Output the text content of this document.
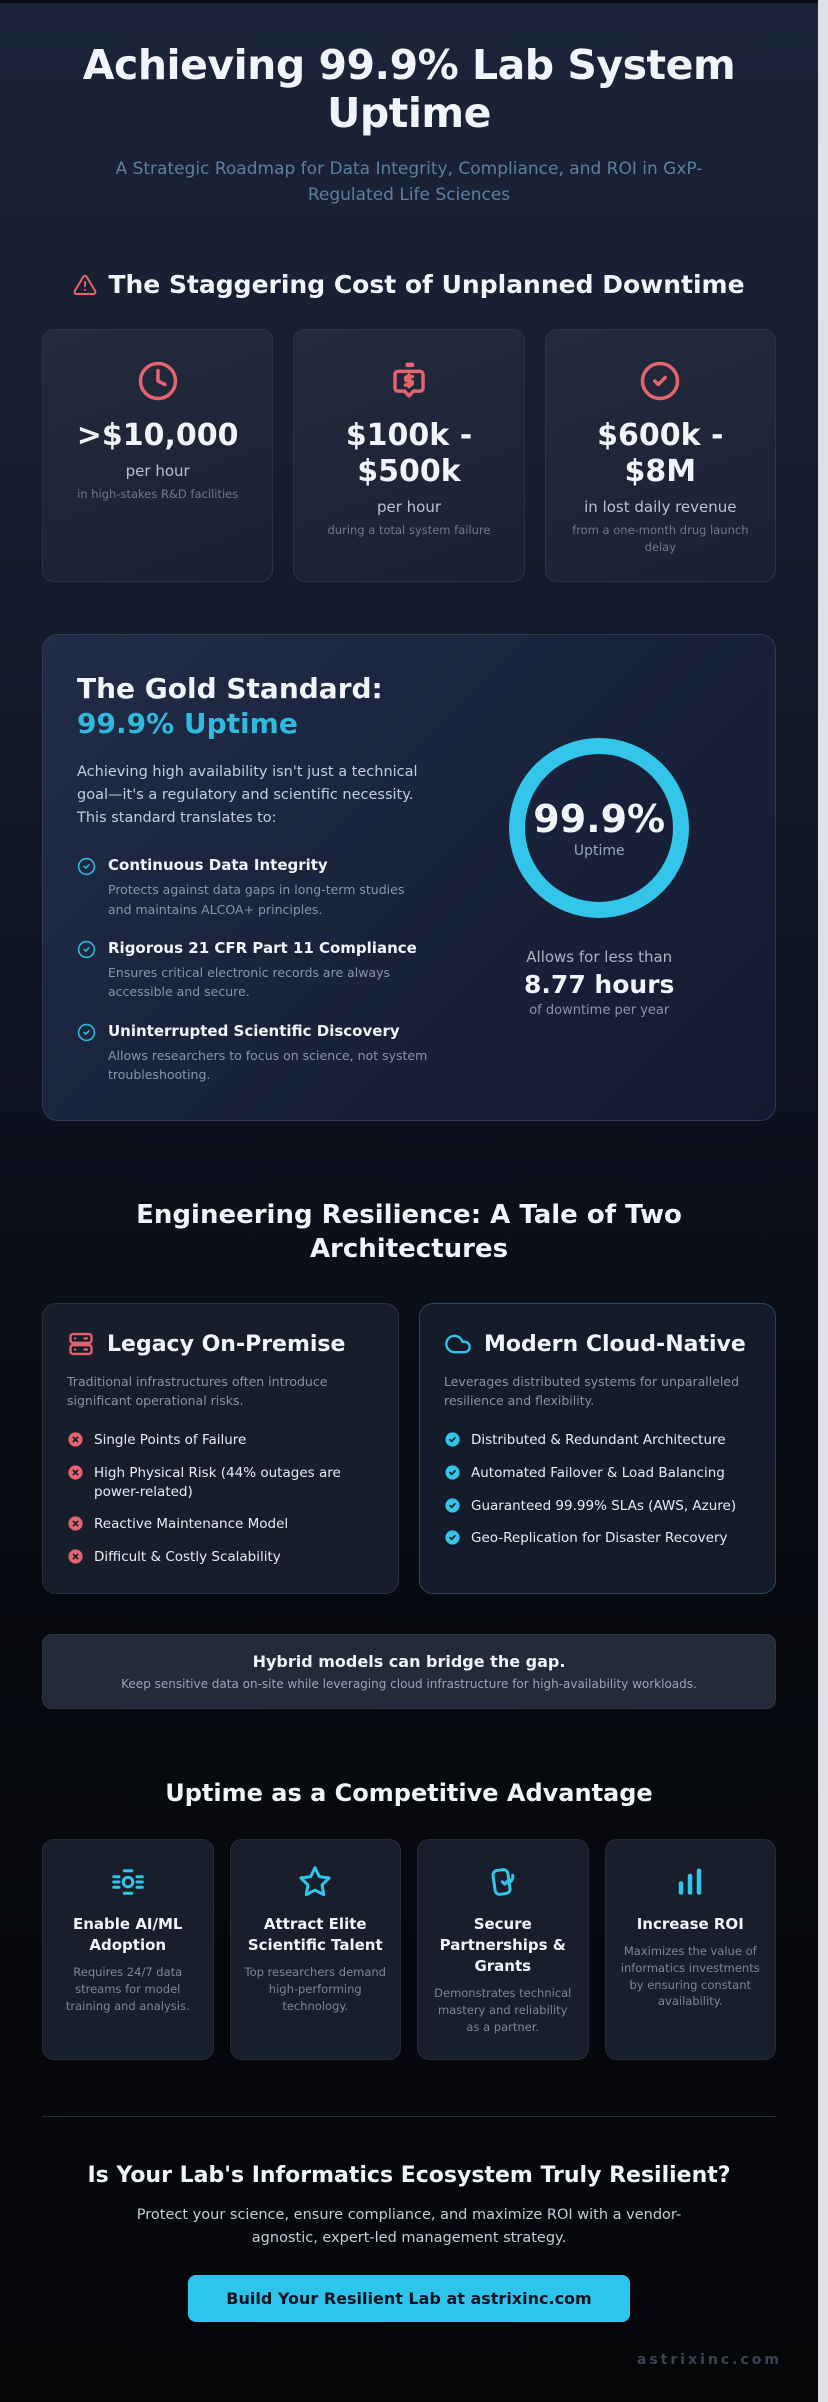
Achieving 99.9% Lab System Uptime

A Strategic Roadmap for Data Integrity, Compliance, and ROI in GxP-Regulated Life Sciences

The Staggering Cost of Unplanned Downtime
>$10,000
per hour
in high-stakes R&D facilities
$100k - $500k
per hour
during a total system failure
$600k - $8M
in lost daily revenue
from a one-month drug launch delay
The Gold Standard: 99.9% Uptime

Achieving high availability isn't just a technical goal—it's a regulatory and scientific necessity. This standard translates to:

Continuous Data Integrity
Protects against data gaps in long-term studies and maintains ALCOA+ principles.
Rigorous 21 CFR Part 11 Compliance
Ensures critical electronic records are always accessible and secure.
Uninterrupted Scientific Discovery
Allows researchers to focus on science, not system troubleshooting.
99.9%
Uptime
Allows for less than
8.77 hours
of downtime per year
Engineering Resilience: A Tale of Two Architectures
Legacy On-Premise

Traditional infrastructures often introduce significant operational risks.

Single Points of Failure
High Physical Risk (44% outages are power-related)
Reactive Maintenance Model
Difficult & Costly Scalability
Modern Cloud-Native

Leverages distributed systems for unparalleled resilience and flexibility.

Distributed & Redundant Architecture
Automated Failover & Load Balancing
Guaranteed 99.99% SLAs (AWS, Azure)
Geo-Replication for Disaster Recovery
Hybrid models can bridge the gap.
Keep sensitive data on-site while leveraging cloud infrastructure for high-availability workloads.
Uptime as a Competitive Advantage
Enable AI/ML Adoption
Requires 24/7 data streams for model training and analysis.
Attract Elite Scientific Talent
Top researchers demand high-performing technology.
Secure Partnerships & Grants
Demonstrates technical mastery and reliability as a partner.
Increase ROI
Maximizes the value of informatics investments by ensuring constant availability.
Is Your Lab's Informatics Ecosystem Truly Resilient?

Protect your science, ensure compliance, and maximize ROI with a vendor-agnostic, expert-led management strategy.

Build Your Resilient Lab at astrixinc.com
astrixinc.com
